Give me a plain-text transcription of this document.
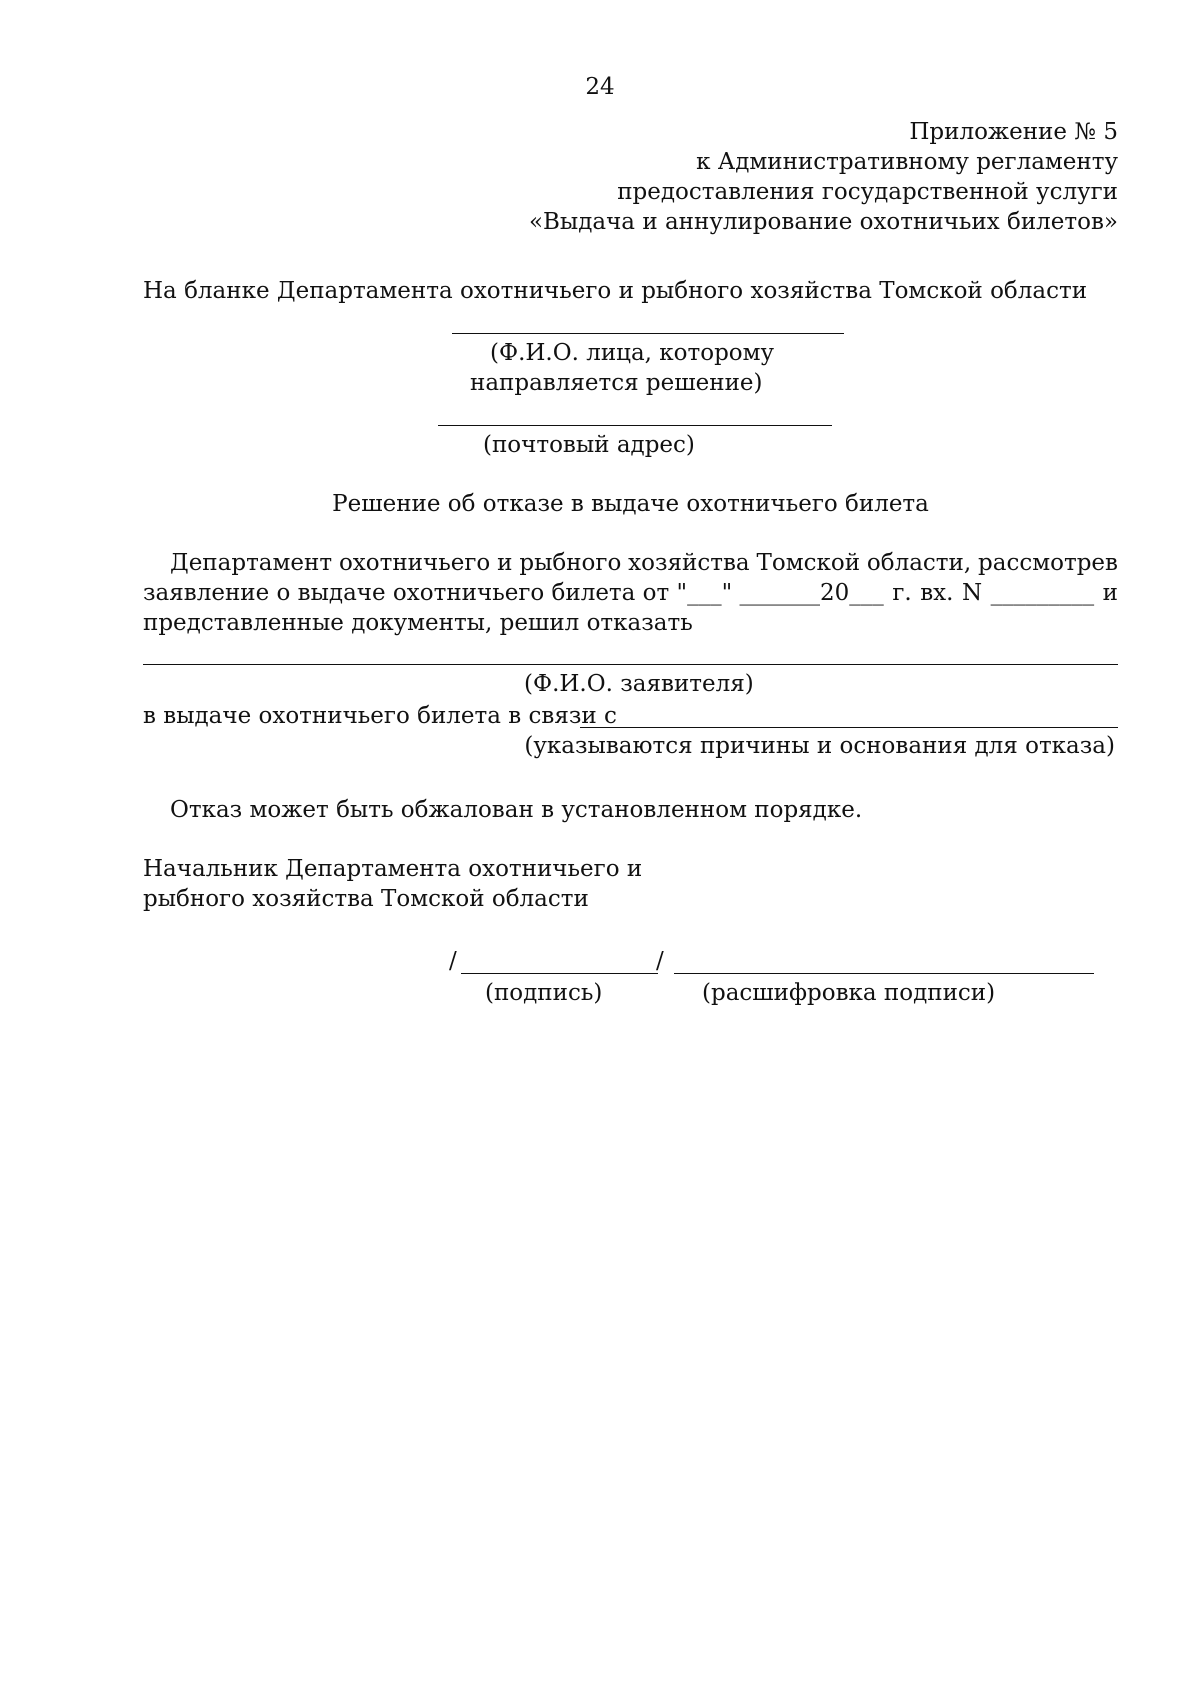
24
Приложение № 5
к Административному регламенту
предоставления государственной услуги
«Выдача и аннулирование охотничьих билетов»
На бланке Департамента охотничьего и рыбного хозяйства Томской области
(Ф.И.О. лица, которому
направляется решение)
(почтовый адрес)
Решение об отказе в выдаче охотничьего билета
Департамент охотничьего и рыбного хозяйства Томской области, рассмотрев
заявление о выдаче охотничьего билета от "___" _______20___ г. вх. N _________ и
представленные документы, решил отказать
(Ф.И.О. заявителя)
в выдаче охотничьего билета в связи с
(указываются причины и основания для отказа)
Отказ может быть обжалован в установленном порядке.
Начальник Департамента охотничьего и
рыбного хозяйства Томской области
/	/
(подпись)	(расшифровка подписи)
